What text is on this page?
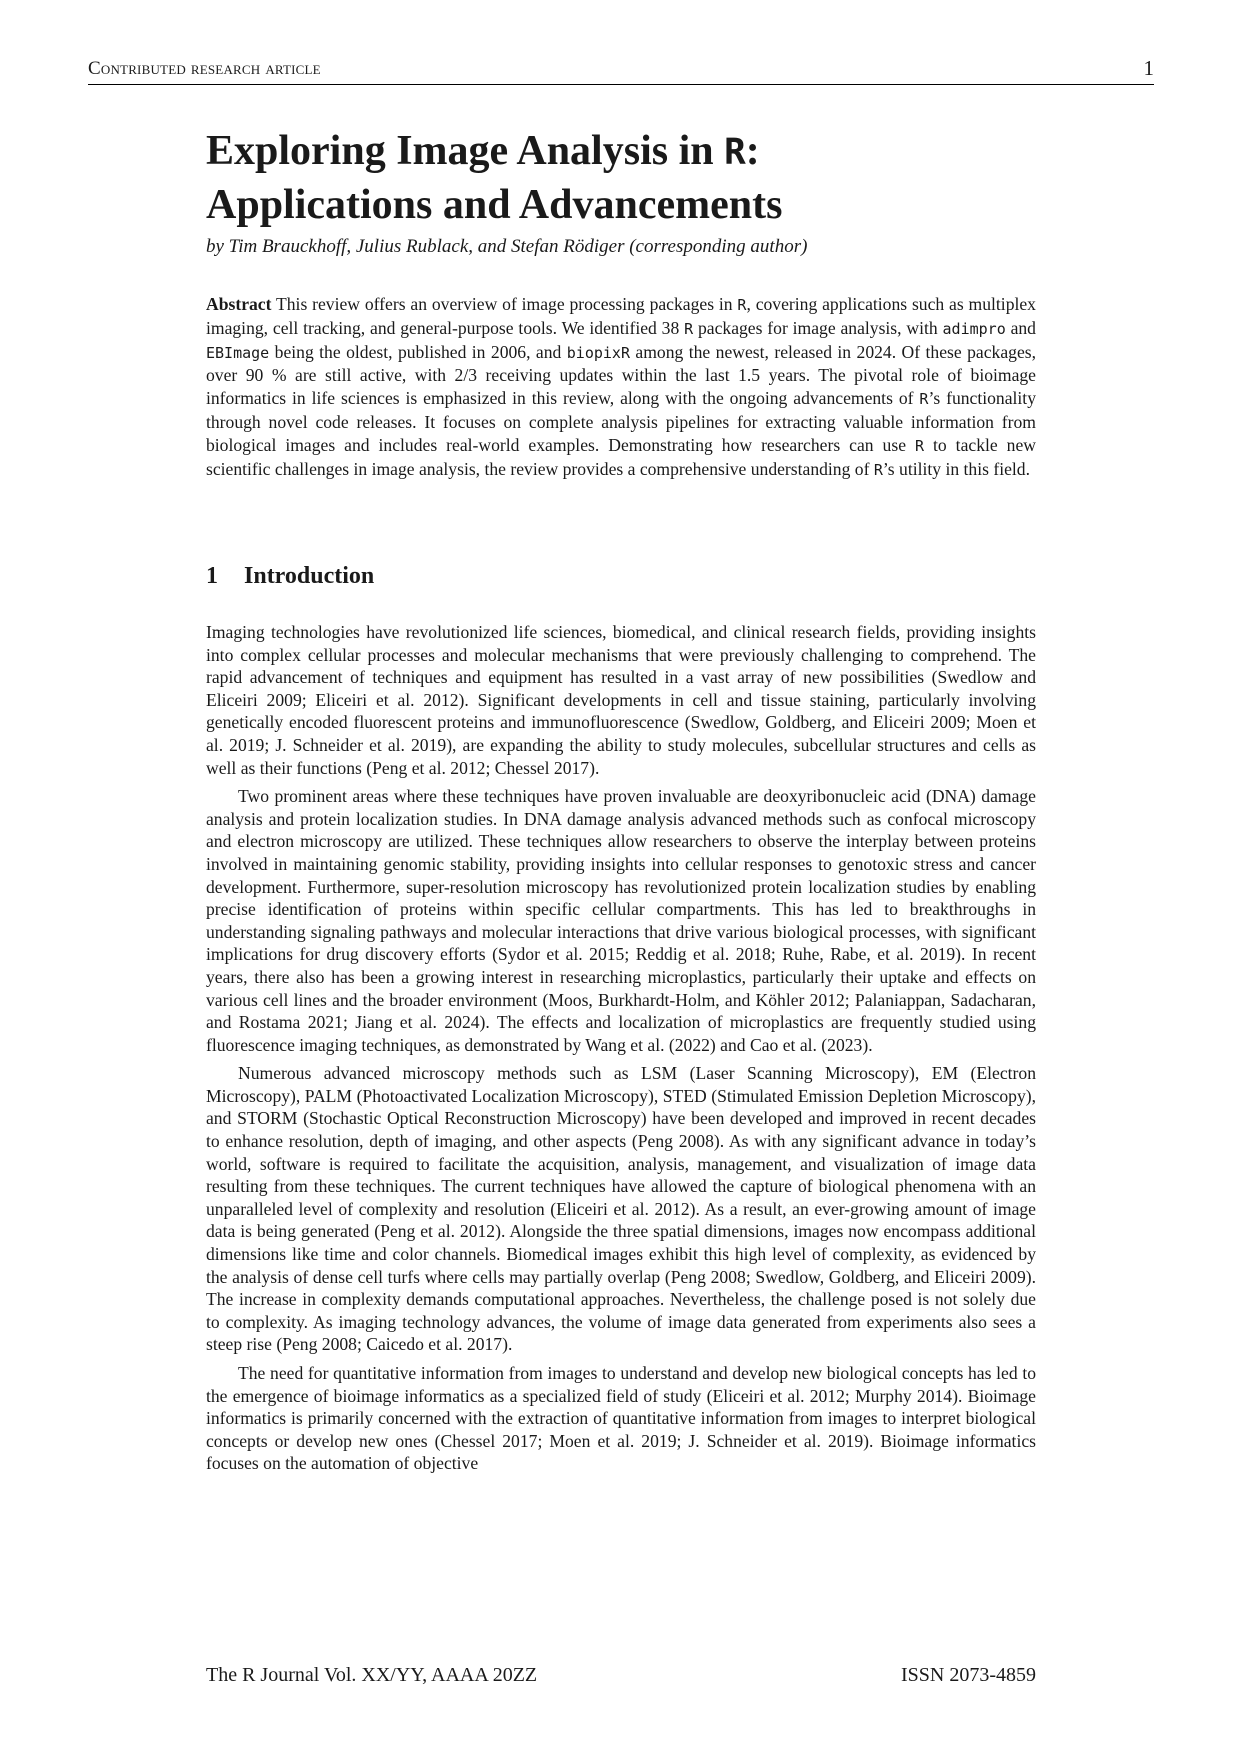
Contributed research article	1
Exploring Image Analysis in R:
Applications and Advancements
by Tim Brauckhoff, Julius Rublack, and Stefan Rödiger (corresponding author)
Abstract This review offers an overview of image processing packages in R, covering applications such as multiplex imaging, cell tracking, and general-purpose tools. We identified 38 R packages for image analysis, with adimpro and EBImage being the oldest, published in 2006, and biopixR among the newest, released in 2024. Of these packages, over 90 % are still active, with 2/3 receiving updates within the last 1.5 years. The pivotal role of bioimage informatics in life sciences is emphasized in this review, along with the ongoing advancements of R’s functionality through novel code releases. It focuses on complete analysis pipelines for extracting valuable information from biological images and includes real-world examples. Demonstrating how researchers can use R to tackle new scientific challenges in image analysis, the review provides a comprehensive understanding of R’s utility in this field.
1 Introduction

Imaging technologies have revolutionized life sciences, biomedical, and clinical research fields, providing insights into complex cellular processes and molecular mechanisms that were previously challenging to comprehend. The rapid advancement of techniques and equipment has resulted in a vast array of new possibilities (Swedlow and Eliceiri 2009; Eliceiri et al. 2012). Significant developments in cell and tissue staining, particularly involving genetically encoded fluorescent proteins and immunofluorescence (Swedlow, Goldberg, and Eliceiri 2009; Moen et al. 2019; J. Schneider et al. 2019), are expanding the ability to study molecules, subcellular structures and cells as well as their functions (Peng et al. 2012; Chessel 2017).

Two prominent areas where these techniques have proven invaluable are deoxyribonucleic acid (DNA) damage analysis and protein localization studies. In DNA damage analysis advanced methods such as confocal microscopy and electron microscopy are utilized. These techniques allow researchers to observe the interplay between proteins involved in maintaining genomic stability, providing insights into cellular responses to genotoxic stress and cancer development. Furthermore, super-resolution microscopy has revolutionized protein localization studies by enabling precise identification of proteins within specific cellular compartments. This has led to breakthroughs in understanding signaling pathways and molecular interactions that drive various biological processes, with significant implications for drug discovery efforts (Sydor et al. 2015; Reddig et al. 2018; Ruhe, Rabe, et al. 2019). In recent years, there also has been a growing interest in researching microplastics, particularly their uptake and effects on various cell lines and the broader environment (Moos, Burkhardt-Holm, and Köhler 2012; Palaniappan, Sadacharan, and Rostama 2021; Jiang et al. 2024). The effects and localization of microplastics are frequently studied using fluorescence imaging techniques, as demonstrated by Wang et al. (2022) and Cao et al. (2023).

Numerous advanced microscopy methods such as LSM (Laser Scanning Microscopy), EM (Electron Microscopy), PALM (Photoactivated Localization Microscopy), STED (Stimulated Emission Depletion Microscopy), and STORM (Stochastic Optical Reconstruction Microscopy) have been developed and improved in recent decades to enhance resolution, depth of imaging, and other aspects (Peng 2008). As with any significant advance in today’s world, software is required to facilitate the acquisition, analysis, management, and visualization of image data resulting from these techniques. The current techniques have allowed the capture of biological phenomena with an unparalleled level of complexity and resolution (Eliceiri et al. 2012). As a result, an ever-growing amount of image data is being generated (Peng et al. 2012). Alongside the three spatial dimensions, images now encompass additional dimensions like time and color channels. Biomedical images exhibit this high level of complexity, as evidenced by the analysis of dense cell turfs where cells may partially overlap (Peng 2008; Swedlow, Goldberg, and Eliceiri 2009). The increase in complexity demands computational approaches. Nevertheless, the challenge posed is not solely due to complexity. As imaging technology advances, the volume of image data generated from experiments also sees a steep rise (Peng 2008; Caicedo et al. 2017).

The need for quantitative information from images to understand and develop new biological concepts has led to the emergence of bioimage informatics as a specialized field of study (Eliceiri et al. 2012; Murphy 2014). Bioimage informatics is primarily concerned with the extraction of quantitative information from images to interpret biological concepts or develop new ones (Chessel 2017; Moen et al. 2019; J. Schneider et al. 2019). Bioimage informatics focuses on the automation of objective

The R Journal Vol. XX/YY, AAAA 20ZZ	ISSN 2073-4859
